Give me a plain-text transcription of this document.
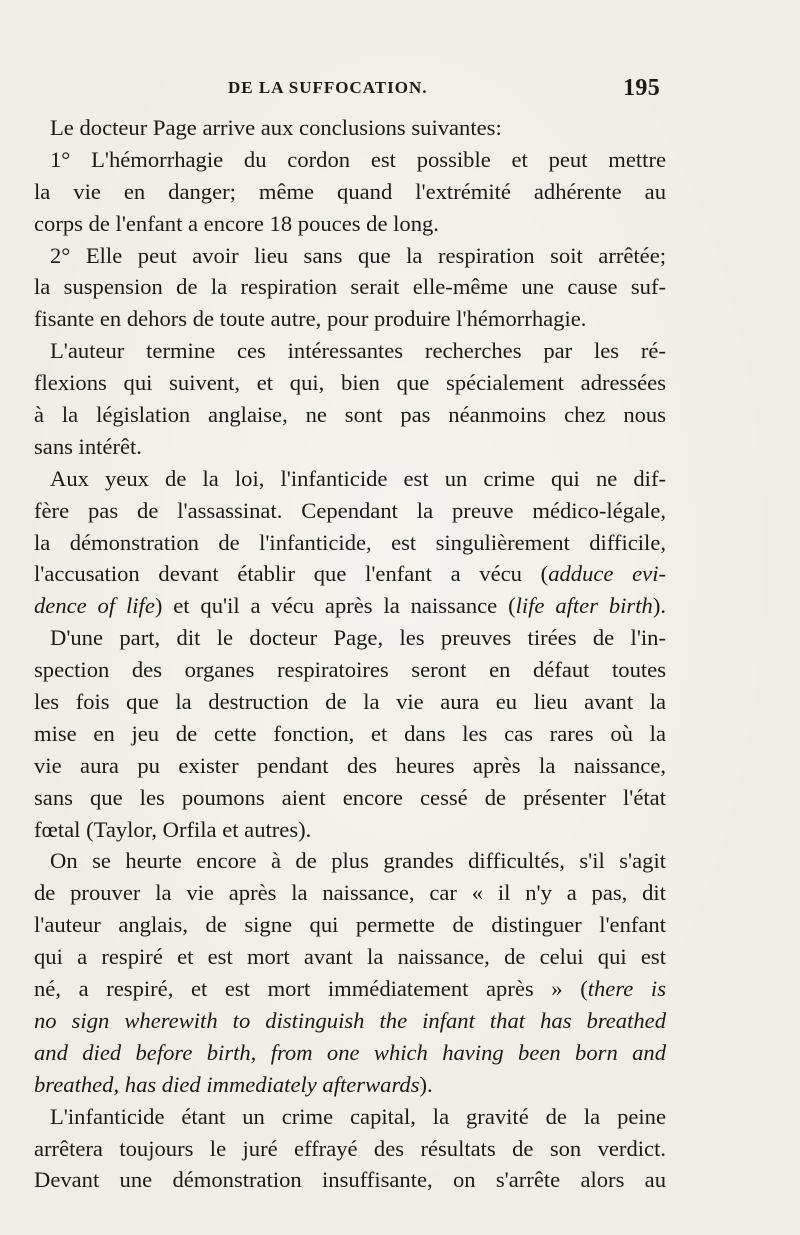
DE LA SUFFOCATION.	195
Le docteur Page arrive aux conclusions suivantes:
1° L'hémorrhagie du cordon est possible et peut mettre
la vie en danger; même quand l'extrémité adhérente au
corps de l'enfant a encore 18 pouces de long.
2° Elle peut avoir lieu sans que la respiration soit arrêtée;
la suspension de la respiration serait elle-même une cause suf-
fisante en dehors de toute autre, pour produire l'hémorrhagie.
L'auteur termine ces intéressantes recherches par les ré-
flexions qui suivent, et qui, bien que spécialement adressées
à la législation anglaise, ne sont pas néanmoins chez nous
sans intérêt.
Aux yeux de la loi, l'infanticide est un crime qui ne dif-
fère pas de l'assassinat. Cependant la preuve médico-légale,
la démonstration de l'infanticide, est singulièrement difficile,
l'accusation devant établir que l'enfant a vécu (adduce evi-
dence of life) et qu'il a vécu après la naissance (life after birth).
D'une part, dit le docteur Page, les preuves tirées de l'in-
spection des organes respiratoires seront en défaut toutes
les fois que la destruction de la vie aura eu lieu avant la
mise en jeu de cette fonction, et dans les cas rares où la
vie aura pu exister pendant des heures après la naissance,
sans que les poumons aient encore cessé de présenter l'état
fœtal (Taylor, Orfila et autres).
On se heurte encore à de plus grandes difficultés, s'il s'agit
de prouver la vie après la naissance, car « il n'y a pas, dit
l'auteur anglais, de signe qui permette de distinguer l'enfant
qui a respiré et est mort avant la naissance, de celui qui est
né, a respiré, et est mort immédiatement après » (there is
no sign wherewith to distinguish the infant that has breathed
and died before birth, from one which having been born and
breathed, has died immediately afterwards).
L'infanticide étant un crime capital, la gravité de la peine
arrêtera toujours le juré effrayé des résultats de son verdict.
Devant une démonstration insuffisante, on s'arrête alors au
